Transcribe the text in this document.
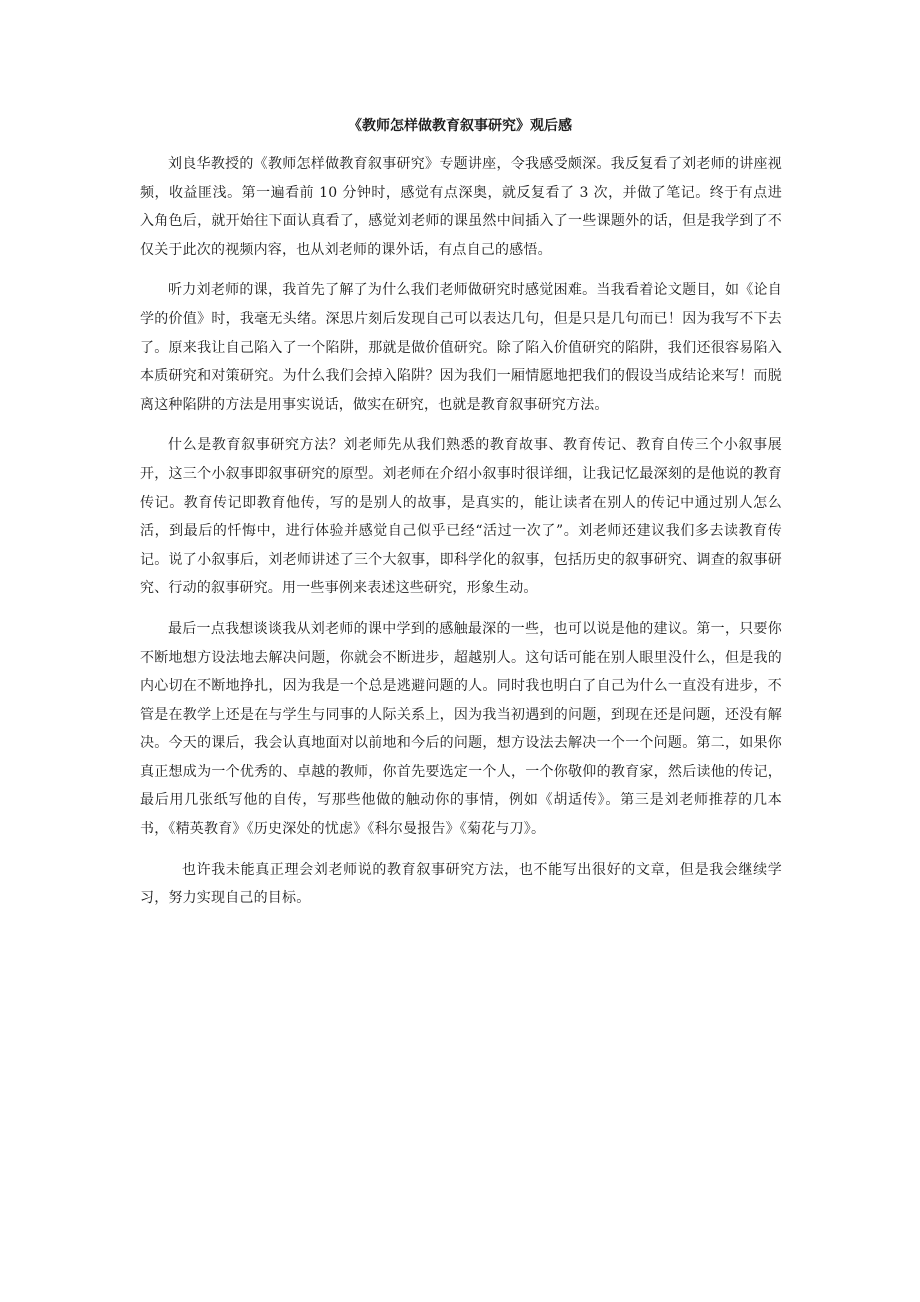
《教师怎样做教育叙事研究》观后感

刘良华教授的《教师怎样做教育叙事研究》专题讲座，令我感受颇深。我反复看了刘老师的讲座视频，收益匪浅。第一遍看前 10 分钟时，感觉有点深奥，就反复看了 3 次，并做了笔记。终于有点进入角色后，就开始往下面认真看了，感觉刘老师的课虽然中间插入了一些课题外的话，但是我学到了不仅关于此次的视频内容，也从刘老师的课外话，有点自己的感悟。

听力刘老师的课，我首先了解了为什么我们老师做研究时感觉困难。当我看着论文题目，如《论自学的价值》时，我毫无头绪。深思片刻后发现自己可以表达几句，但是只是几句而已！因为我写不下去了。原来我让自己陷入了一个陷阱，那就是做价值研究。除了陷入价值研究的陷阱，我们还很容易陷入本质研究和对策研究。为什么我们会掉入陷阱？因为我们一厢情愿地把我们的假设当成结论来写！而脱离这种陷阱的方法是用事实说话，做实在研究，也就是教育叙事研究方法。

什么是教育叙事研究方法？刘老师先从我们熟悉的教育故事、教育传记、教育自传三个小叙事展开，这三个小叙事即叙事研究的原型。刘老师在介绍小叙事时很详细，让我记忆最深刻的是他说的教育传记。教育传记即教育他传，写的是别人的故事，是真实的，能让读者在别人的传记中通过别人怎么活，到最后的忏悔中，进行体验并感觉自己似乎已经“活过一次了”。刘老师还建议我们多去读教育传记。说了小叙事后，刘老师讲述了三个大叙事，即科学化的叙事，包括历史的叙事研究、调查的叙事研究、行动的叙事研究。用一些事例来表述这些研究，形象生动。

最后一点我想谈谈我从刘老师的课中学到的感触最深的一些，也可以说是他的建议。第一，只要你不断地想方设法地去解决问题，你就会不断进步，超越别人。这句话可能在别人眼里没什么，但是我的内心切在不断地挣扎，因为我是一个总是逃避问题的人。同时我也明白了自己为什么一直没有进步，不管是在教学上还是在与学生与同事的人际关系上，因为我当初遇到的问题，到现在还是问题，还没有解决。今天的课后，我会认真地面对以前地和今后的问题，想方设法去解决一个一个问题。第二，如果你真正想成为一个优秀的、卓越的教师，你首先要选定一个人，一个你敬仰的教育家，然后读他的传记，最后用几张纸写他的自传，写那些他做的触动你的事情，例如《胡适传》。第三是刘老师推荐的几本书，《精英教育》《历史深处的忧虑》《科尔曼报告》《菊花与刀》。

也许我未能真正理会刘老师说的教育叙事研究方法，也不能写出很好的文章，但是我会继续学习，努力实现自己的目标。
